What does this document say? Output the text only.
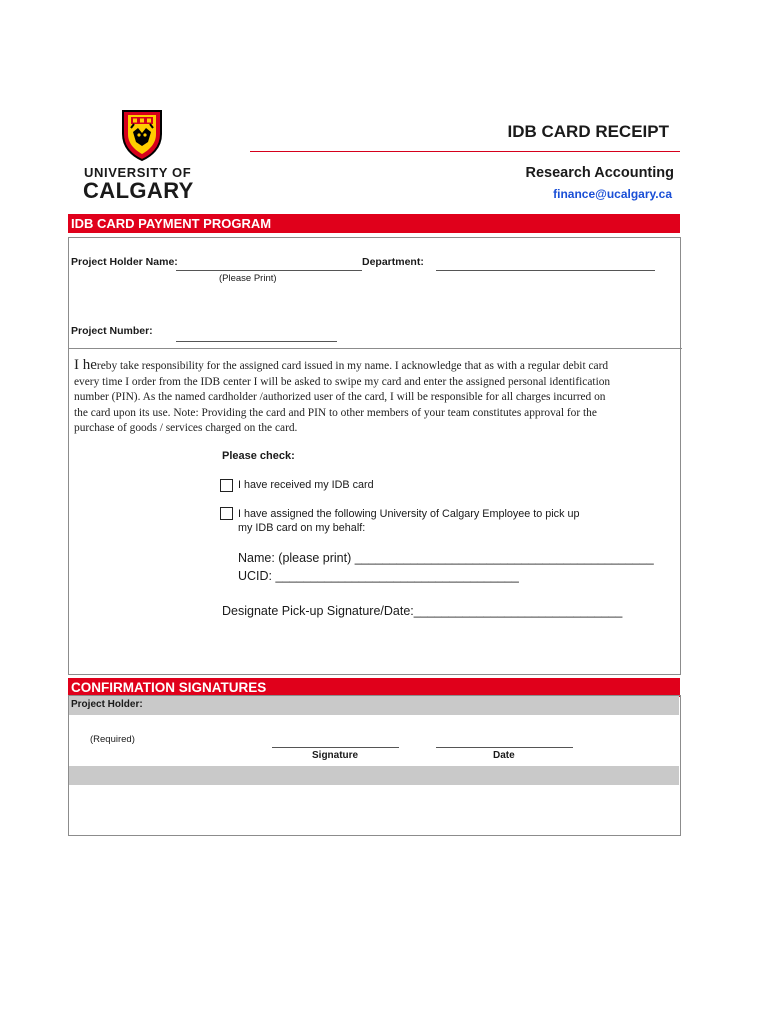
UNIVERSITY OF
CALGARY
IDB CARD RECEIPT
Research Accounting
finance@ucalgary.ca
IDB CARD PAYMENT PROGRAM
Project Holder Name:
(Please Print)
Department:
Project Number:
I hereby take responsibility for the assigned card issued in my name. I acknowledge that as with a regular debit card
every time I order from the IDB center I will be asked to swipe my card and enter the assigned personal identification
number (PIN). As the named cardholder /authorized user of the card, I will be responsible for all charges incurred on
the card upon its use. Note: Providing the card and PIN to other members of your team constitutes approval for the
purchase of goods / services charged on the card.
Please check:
I have received my IDB card
I have assigned the following University of Calgary Employee to pick up
my IDB card on my behalf:
Name: (please print) ___________________________________________
UCID: ___________________________________
Designate Pick-up Signature/Date:______________________________
CONFIRMATION SIGNATURES
Project Holder:
(Required)
Signature	Date
